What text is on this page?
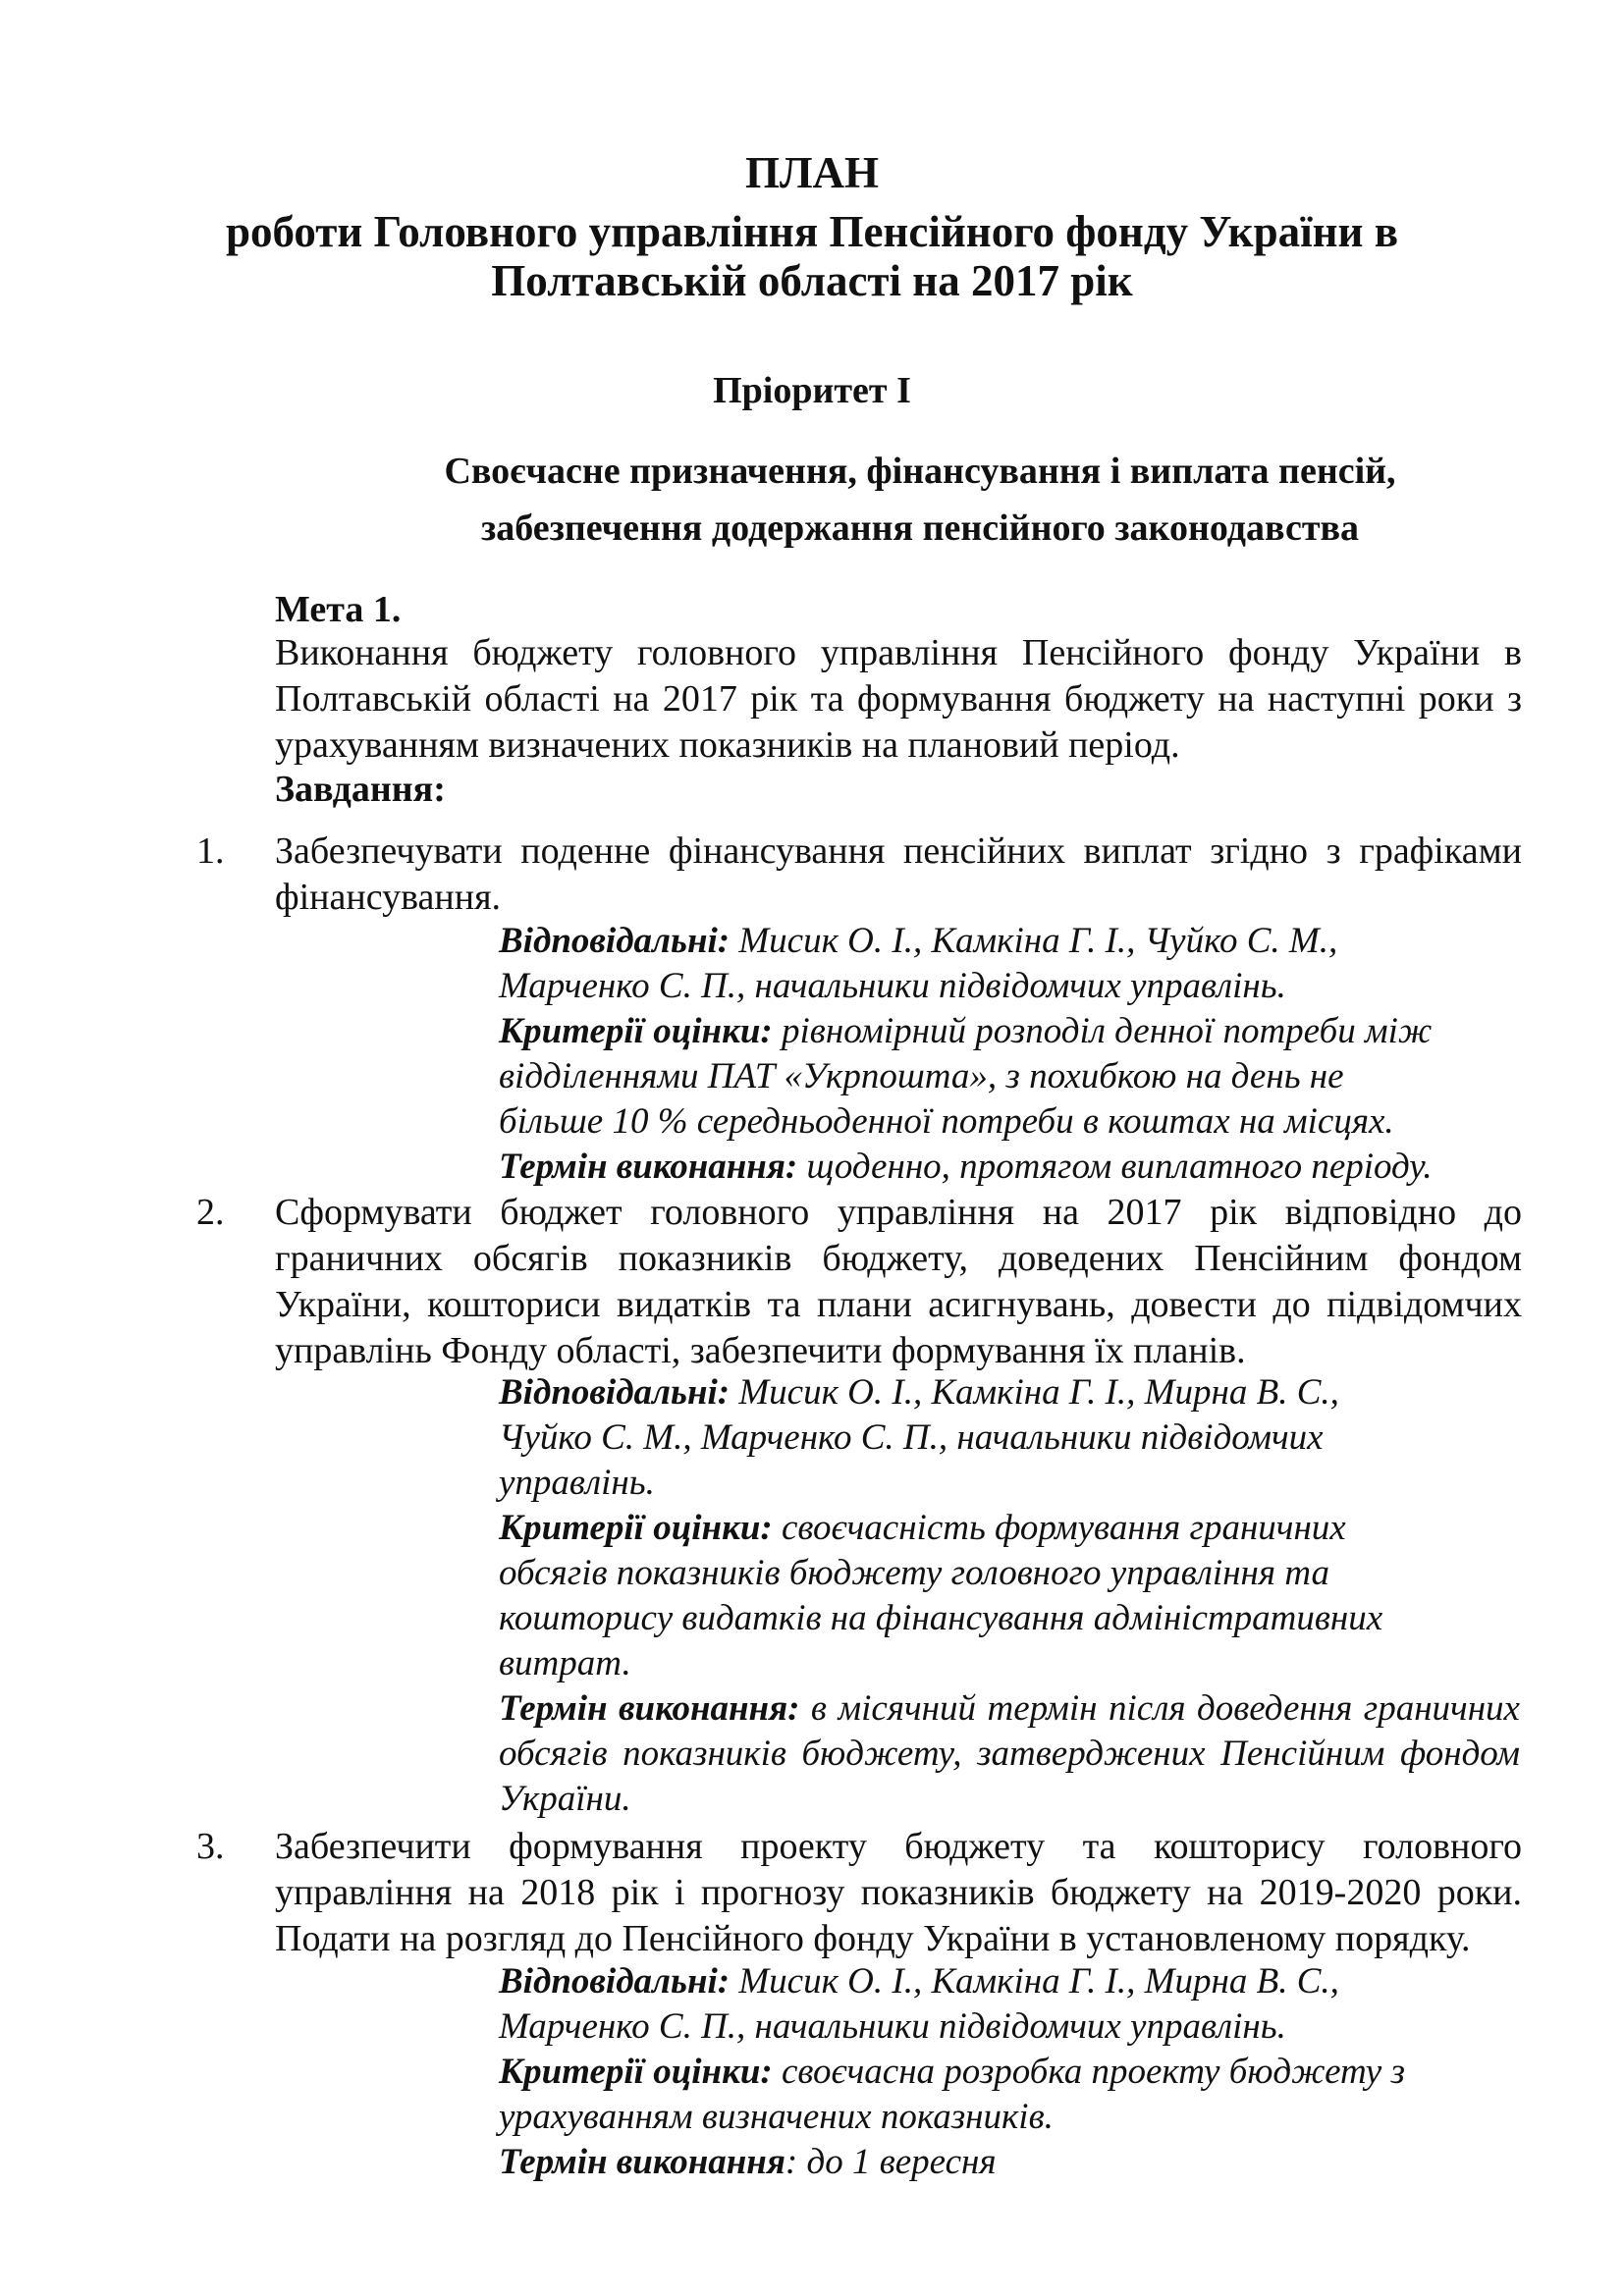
ПЛАН
роботи Головного управління Пенсійного фонду України в
Полтавській області на 2017 рік
Пріоритет І
Своєчасне призначення, фінансування і виплата пенсій,
забезпечення додержання пенсійного законодавства
Мета 1.

Виконання бюджету головного управління Пенсійного фонду України в Полтавській області на 2017 рік та формування бюджету на наступні роки з урахуванням визначених показників на плановий період.

Завдання:
1. Забезпечувати поденне фінансування пенсійних виплат згідно з графіками фінансування.

Відповідальні: Мисик О. І., Камкіна Г. І., Чуйко С. М.,
Марченко С. П., начальники підвідомчих управлінь.
Критерії оцінки: рівномірний розподіл денної потреби між
відділеннями ПАТ «Укрпошта», з похибкою на день не
більше 10 % середньоденної потреби в коштах на місцях.
Термін виконання: щоденно, протягом виплатного періоду.
2. Сформувати бюджет головного управління на 2017 рік відповідно до граничних обсягів показників бюджету, доведених Пенсійним фондом України, кошториси видатків та плани асигнувань, довести до підвідомчих управлінь Фонду області, забезпечити формування їх планів.

Відповідальні: Мисик О. І., Камкіна Г. І., Мирна В. С.,
Чуйко С. М., Марченко С. П., начальники підвідомчих
управлінь.
Критерії оцінки: своєчасність формування граничних
обсягів показників бюджету головного управління та
кошторису видатків на фінансування адміністративних
витрат.

Термін виконання: в місячний термін після доведення граничних обсягів показників бюджету, затверджених Пенсійним фондом України.

3. Забезпечити формування проекту бюджету та кошторису головного управління на 2018 рік і прогнозу показників бюджету на 2019-2020 роки. Подати на розгляд до Пенсійного фонду України в установленому порядку.

Відповідальні: Мисик О. І., Камкіна Г. І., Мирна В. С.,
Марченко С. П., начальники підвідомчих управлінь.
Критерії оцінки: своєчасна розробка проекту бюджету з
урахуванням визначених показників.
Термін виконання: до 1 вересня
